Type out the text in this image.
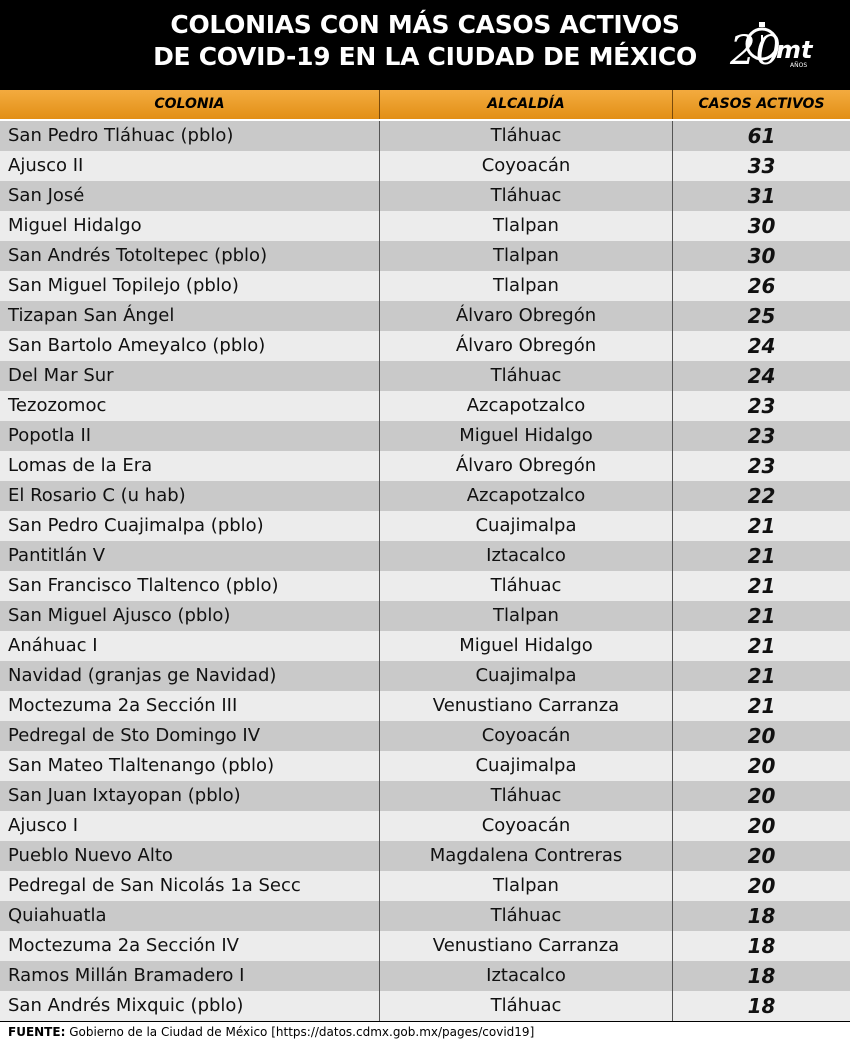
COLONIAS CON MÁS CASOS ACTIVOS
DE COVID-19 EN LA CIUDAD DE MÉXICO 20
mt
AÑOS
COLONIA	ALCALDÍA	CASOS ACTIVOS
San Pedro Tláhuac (pblo)	Tláhuac	61
Ajusco II	Coyoacán	33
San José	Tláhuac	31
Miguel Hidalgo	Tlalpan	30
San Andrés Totoltepec (pblo)	Tlalpan	30
San Miguel Topilejo (pblo)	Tlalpan	26
Tizapan San Ángel	Álvaro Obregón	25
San Bartolo Ameyalco (pblo)	Álvaro Obregón	24
Del Mar Sur	Tláhuac	24
Tezozomoc	Azcapotzalco	23
Popotla II	Miguel Hidalgo	23
Lomas de la Era	Álvaro Obregón	23
El Rosario C (u hab)	Azcapotzalco	22
San Pedro Cuajimalpa (pblo)	Cuajimalpa	21
Pantitlán V	Iztacalco	21
San Francisco Tlaltenco (pblo)	Tláhuac	21
San Miguel Ajusco (pblo)	Tlalpan	21
Anáhuac I	Miguel Hidalgo	21
Navidad (granjas ge Navidad)	Cuajimalpa	21
Moctezuma 2a Sección III	Venustiano Carranza	21
Pedregal de Sto Domingo IV	Coyoacán	20
San Mateo Tlaltenango (pblo)	Cuajimalpa	20
San Juan Ixtayopan (pblo)	Tláhuac	20
Ajusco I	Coyoacán	20
Pueblo Nuevo Alto	Magdalena Contreras	20
Pedregal de San Nicolás 1a Secc	Tlalpan	20
Quiahuatla	Tláhuac	18
Moctezuma 2a Sección IV	Venustiano Carranza	18
Ramos Millán Bramadero I	Iztacalco	18
San Andrés Mixquic (pblo)	Tláhuac	18
FUENTE: Gobierno de la Ciudad de México [https://datos.cdmx.gob.mx/pages/covid19]
